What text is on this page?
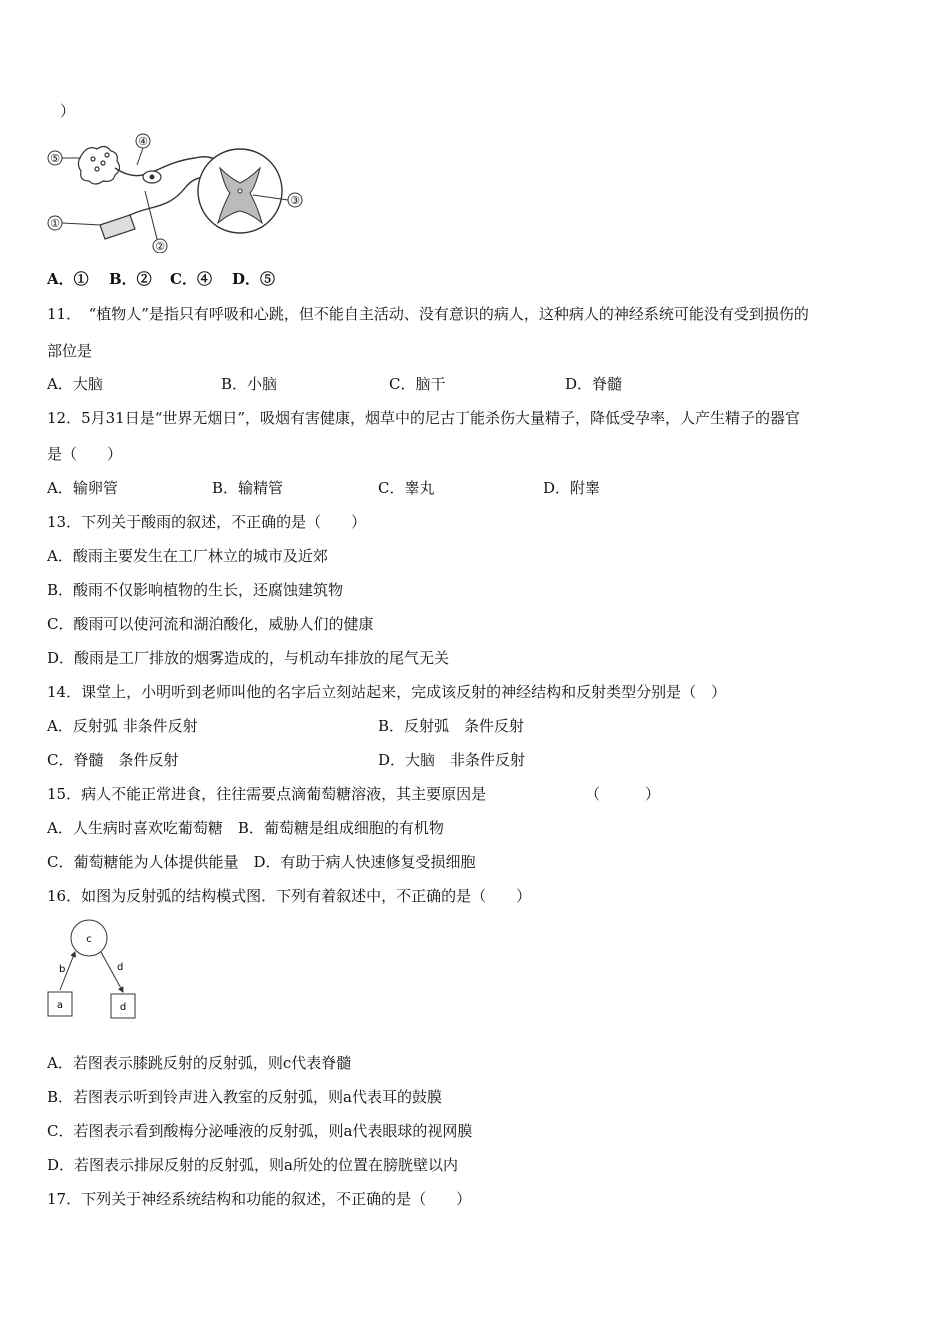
）
④
⑤
①
②
③
A．① B．② C．④ D．⑤
11．　“植物人”是指只有呼吸和心跳，但不能自主活动、没有意识的病人，这种病人的神经系统可能没有受到损伤的
部位是
A．大脑	B．小脑	C．脑干	D．脊髓
12．5月31日是“世界无烟日”，吸烟有害健康，烟草中的尼古丁能杀伤大量精子，降低受孕率，人产生精子的器官
是（　　）
A．输卵管	B．输精管	C．睾丸	D．附睾
13．下列关于酸雨的叙述，不正确的是（　　）
A．酸雨主要发生在工厂林立的城市及近郊
B．酸雨不仅影响植物的生长，还腐蚀建筑物
C．酸雨可以使河流和湖泊酸化，威胁人们的健康
D．酸雨是工厂排放的烟雾造成的，与机动车排放的尾气无关
14．课堂上，小明听到老师叫他的名字后立刻站起来，完成该反射的神经结构和反射类型分别是（　）
A．反射弧 非条件反射	B．反射弧　条件反射
C．脊髓　条件反射	D．大脑　非条件反射
15．病人不能正常进食，往往需要点滴葡萄糖溶液，其主要原因是	（　　　）
A．人生病时喜欢吃葡萄糖　B．葡萄糖是组成细胞的有机物
C．葡萄糖能为人体提供能量　D．有助于病人快速修复受损细胞
16．如图为反射弧的结构模式图．下列有着叙述中，不正确的是（　　）
c
b	d
a	d
A．若图表示膝跳反射的反射弧，则c代表脊髓
B．若图表示听到铃声进入教室的反射弧，则a代表耳的鼓膜
C．若图表示看到酸梅分泌唾液的反射弧，则a代表眼球的视网膜
D．若图表示排尿反射的反射弧，则a所处的位置在膀胱壁以内
17．下列关于神经系统结构和功能的叙述，不正确的是（　　）
